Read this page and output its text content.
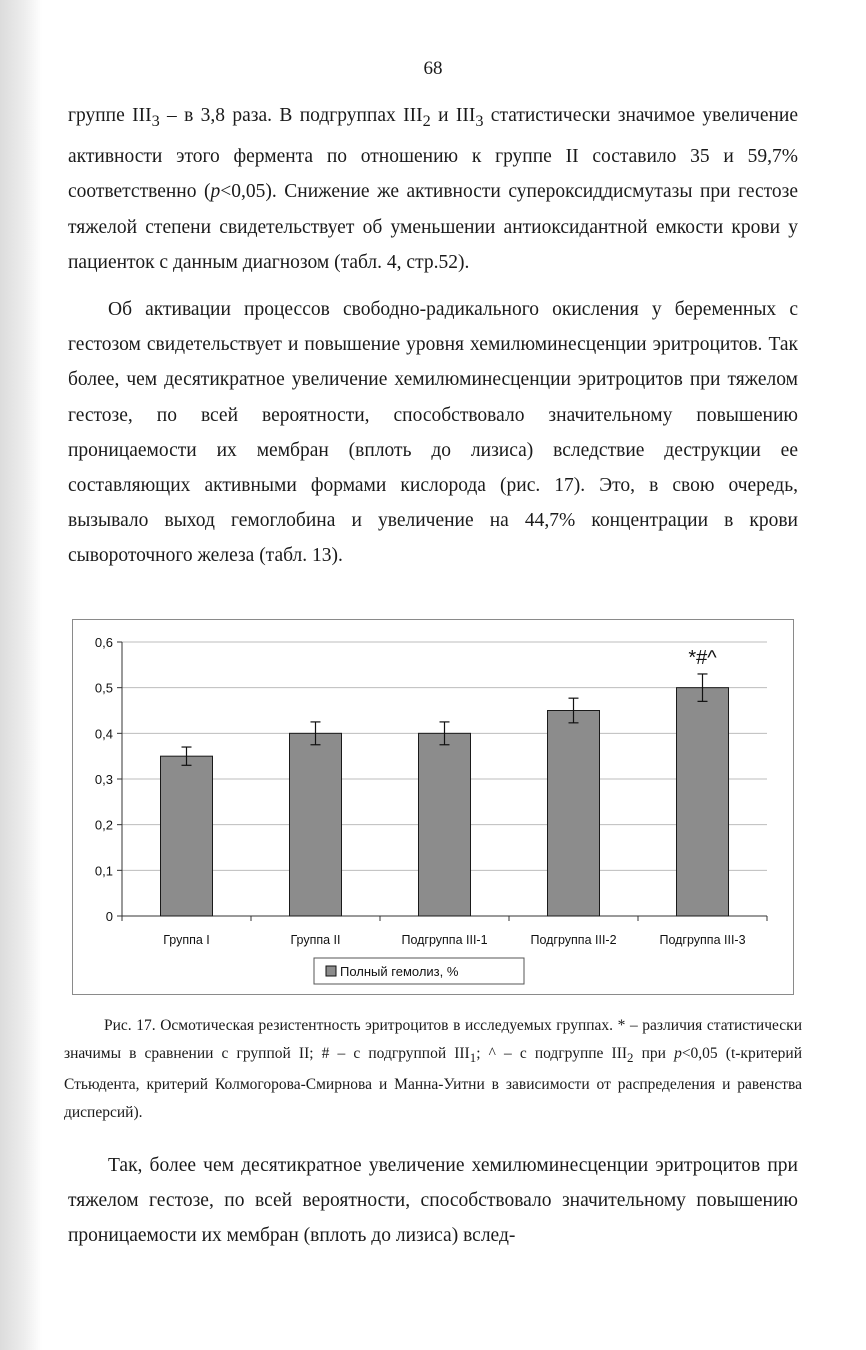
68

группе $III_3$ – в 3,8 раза. В подгруппах $III_2$ и $III_3$ статистически значимое увеличение активности этого фермента по отношению к группе II составило 35 и 59,7% соответственно (p<0,05). Снижение же активности супероксиддисмутазы при гестозе тяжелой степени свидетельствует об уменьшении антиоксидантной емкости крови у пациенток с данным диагнозом (табл. 4, стр.52).

Об активации процессов свободно-радикального окисления у беременных с гестозом свидетельствует и повышение уровня хемилюминесценции эритроцитов. Так более, чем десятикратное увеличение хемилюминесценции эритроцитов при тяжелом гестозе, по всей вероятности, способствовало значительному повышению проницаемости их мембран (вплоть до лизиса) вследствие деструкции ее составляющих активными формами кислорода (рис. 17). Это, в свою очередь, вызывало выход гемоглобина и увеличение на 44,7% концентрации в крови сывороточного железа (табл. 13).

0
0,1
0,2
0,3
0,4
0,5
0,6
Группа I	Группа II	Подгруппа III-1	Подгруппа III-2	Подгруппа III-3
*#^
Полный гемолиз, %

Рис. 17. Осмотическая резистентность эритроцитов в исследуемых группах. * – различия статистически значимы в сравнении с группой II; # – с подгруппой $III_1$; ^ – с подгруппе $III_2$ при p<0,05 (t-критерий Стьюдента, критерий Колмогорова-Смирнова и Манна-Уитни в зависимости от распределения и равенства дисперсий).

Так, более чем десятикратное увеличение хемилюминесценции эритроцитов при тяжелом гестозе, по всей вероятности, способствовало значительному повышению проницаемости их мембран (вплоть до лизиса) вслед-
